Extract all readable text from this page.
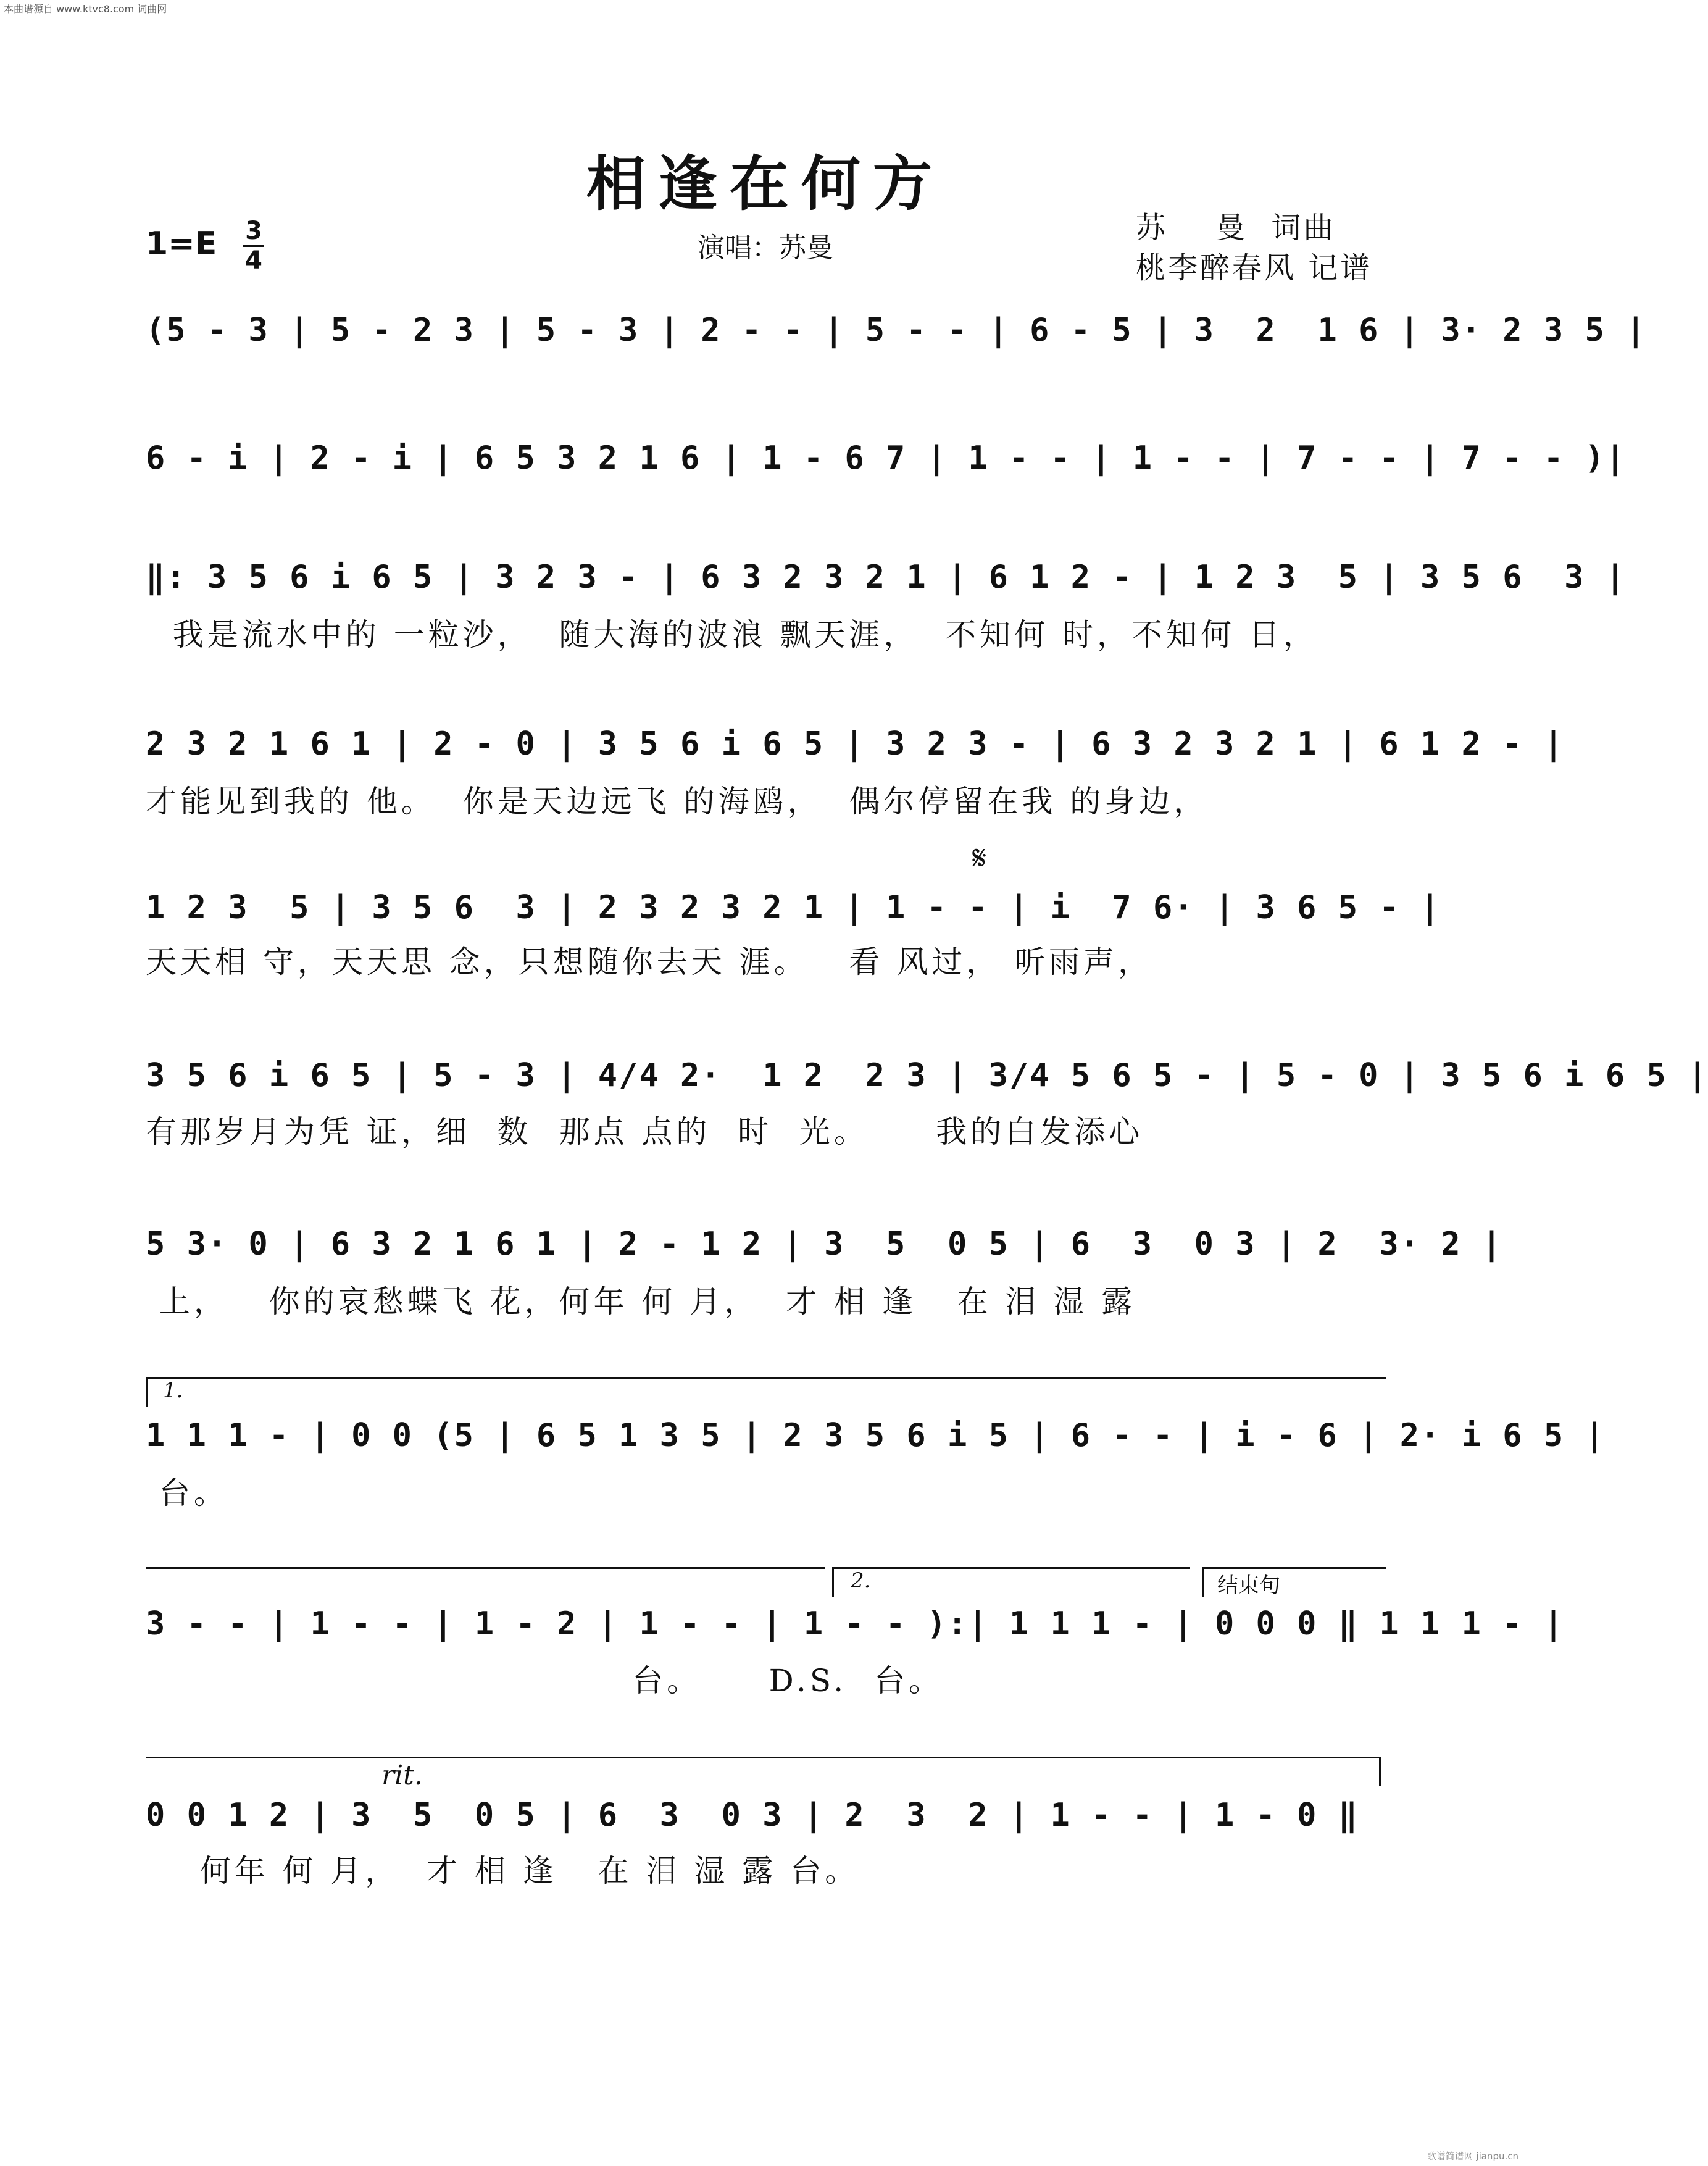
本曲谱源自 www.ktvc8.com 词曲网
歌谱简谱网 jianpu.cn
相逢在何方
1=E 3
4	演唱：苏曼
苏    曼  词曲
桃李醉春风 记谱
(5 - 3 | 5 - 2 3 | 5 - 3 | 2 - - | 5 - - | 6 - 5 | 3  2  1 6 | 3· 2 3 5 |
6 - i | 2 - i | 6 5 3 2 1 6 | 1 - 6 7 | 1 - - | 1 - - | 7 - - | 7 - - )|
‖: 3 5 6 i 6 5 | 3 2 3 - | 6 3 2 3 2 1 | 6 1 2 - | 1 2 3  5 | 3 5 6  3 |
我是流水中的 一粒沙，  随大海的波浪 飘天涯，  不知何 时，不知何 日，
2 3 2 1 6 1 | 2 - 0 | 3 5 6 i 6 5 | 3 2 3 - | 6 3 2 3 2 1 | 6 1 2 - |
才能见到我的 他。  你是天边远飞 的海鸥，  偶尔停留在我 的身边，
𝄋
1 2 3  5 | 3 5 6  3 | 2 3 2 3 2 1 | 1 - - | i  7 6· | 3 6 5 - |
天天相 守，天天思 念，只想随你去天 涯。   看 风过， 听雨声，
3 5 6 i 6 5 | 5 - 3 | 4/4 2·  1 2  2 3 | 3/4 5 6 5 - | 5 - 0 | 3 5 6 i 6 5 |
有那岁月为凭 证，细  数  那点 点的  时  光。     我的白发添心
5 3· 0 | 6 3 2 1 6 1 | 2 - 1 2 | 3  5  0 5 | 6  3  0 3 | 2  3· 2 |
上，   你的哀愁蝶飞 花，何年 何 月，  才 相 逢   在 泪 湿 露
1.
1 1 1 - | 0 0 (5 | 6 5 1 3 5 | 2 3 5 6 i 5 | 6 - - | i - 6 | 2· i 6 5 |
台。
2.	结束句
3 - - | 1 - - | 1 - 2 | 1 - - | 1 - - ):| 1 1 1 - | 0 0 0 ‖ 1 1 1 - |
台。     D.S.  台。
rit.
0 0 1 2 | 3  5  0 5 | 6  3  0 3 | 2  3  2 | 1 - - | 1 - 0 ‖
何年 何 月，  才 相 逢   在 泪 湿 露 台。
